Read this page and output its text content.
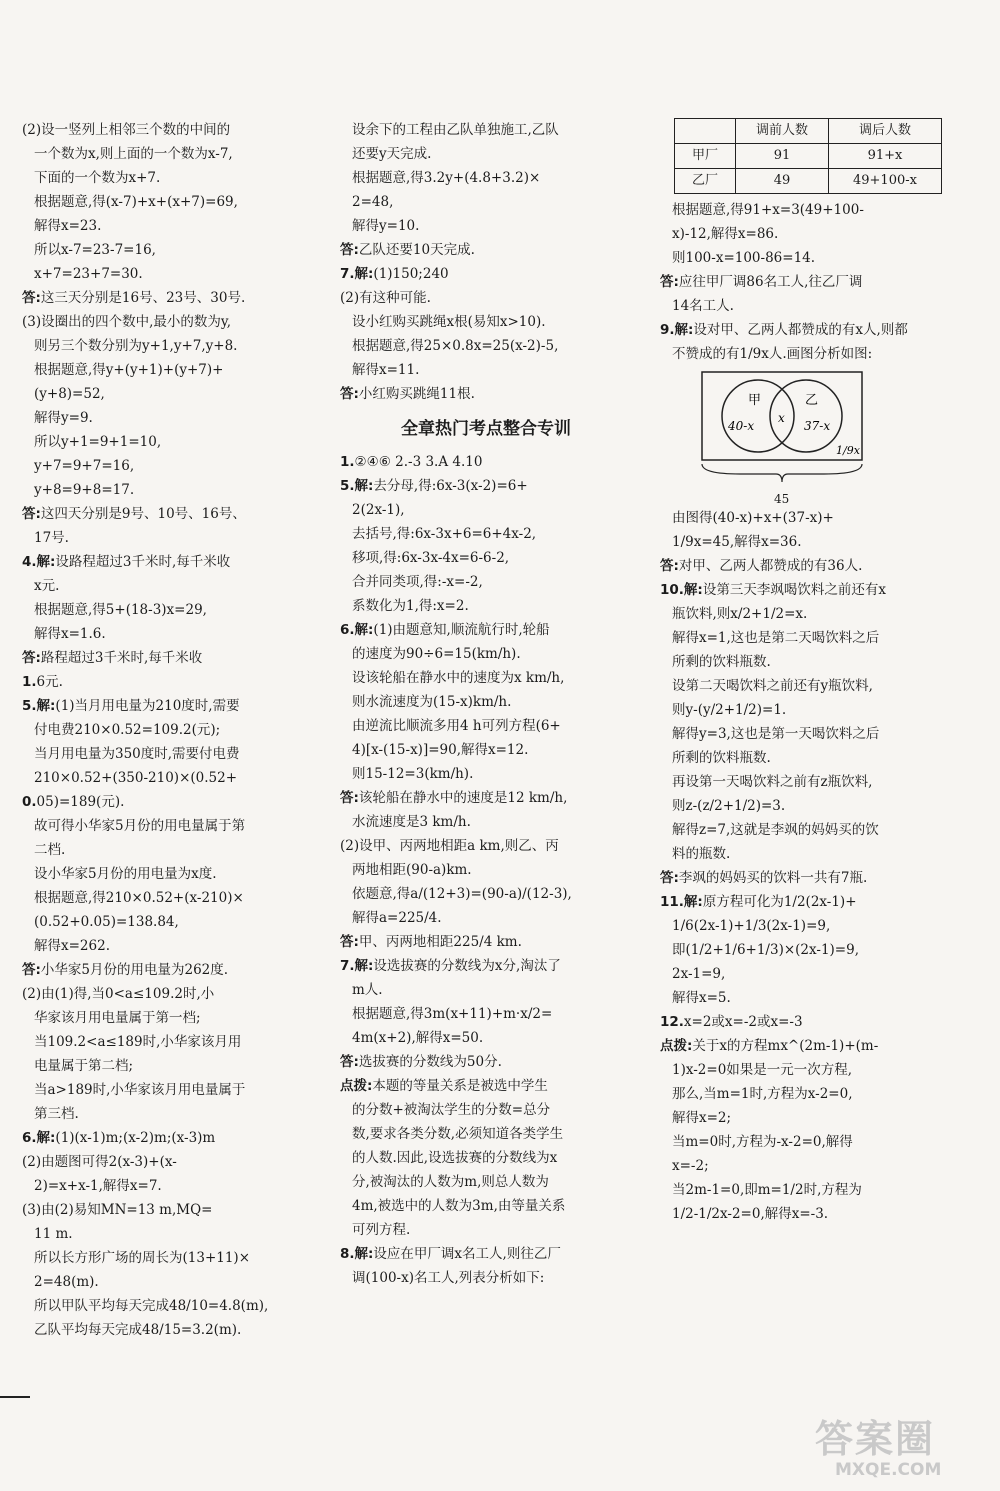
(2)设一竖列上相邻三个数的中间的
一个数为x,则上面的一个数为x-7,
下面的一个数为x+7.
根据题意,得(x-7)+x+(x+7)=69,
解得x=23.
所以x-7=23-7=16,
x+7=23+7=30.
答:这三天分别是16号、23号、30号.
(3)设圈出的四个数中,最小的数为y,
则另三个数分别为y+1,y+7,y+8.
根据题意,得y+(y+1)+(y+7)+
(y+8)=52,
解得y=9.
所以y+1=9+1=10,
y+7=9+7=16,
y+8=9+8=17.
答:这四天分别是9号、10号、16号、
17号.
4.解:设路程超过3千米时,每千米收
x元.
根据题意,得5+(18-3)x=29,
解得x=1.6.
答:路程超过3千米时,每千米收
1.6元.
5.解:(1)当月用电量为210度时,需要
付电费210×0.52=109.2(元);
当月用电量为350度时,需要付电费
210×0.52+(350-210)×(0.52+
0.05)=189(元).
故可得小华家5月份的用电量属于第
二档.
设小华家5月份的用电量为x度.
根据题意,得210×0.52+(x-210)×
(0.52+0.05)=138.84,
解得x=262.
答:小华家5月份的用电量为262度.
(2)由(1)得,当0<a≤109.2时,小
华家该月用电量属于第一档;
当109.2<a≤189时,小华家该月用
电量属于第二档;
当a>189时,小华家该月用电量属于
第三档.
6.解:(1)(x-1)m;(x-2)m;(x-3)m
(2)由题图可得2(x-3)+(x-
2)=x+x-1,解得x=7.
(3)由(2)易知MN=13 m,MQ=
11 m.
所以长方形广场的周长为(13+11)×
2=48(m).
所以甲队平均每天完成48/10=4.8(m),
乙队平均每天完成48/15=3.2(m).
设余下的工程由乙队单独施工,乙队
还要y天完成.
根据题意,得3.2y+(4.8+3.2)×
2=48,
解得y=10.
答:乙队还要10天完成.
7.解:(1)150;240
(2)有这种可能.
设小红购买跳绳x根(易知x>10).
根据题意,得25×0.8x=25(x-2)-5,
解得x=11.
答:小红购买跳绳11根.
全章热门考点整合专训
1.②④⑥ 2.-3 3.A 4.10
5.解:去分母,得:6x-3(x-2)=6+
2(2x-1),
去括号,得:6x-3x+6=6+4x-2,
移项,得:6x-3x-4x=6-6-2,
合并同类项,得:-x=-2,
系数化为1,得:x=2.
6.解:(1)由题意知,顺流航行时,轮船
的速度为90÷6=15(km/h).
设该轮船在静水中的速度为x km/h,
则水流速度为(15-x)km/h.
由逆流比顺流多用4 h可列方程(6+
4)[x-(15-x)]=90,解得x=12.
则15-12=3(km/h).
答:该轮船在静水中的速度是12 km/h,
水流速度是3 km/h.
(2)设甲、丙两地相距a km,则乙、丙
两地相距(90-a)km.
依题意,得a/(12+3)=(90-a)/(12-3),
解得a=225/4.
答:甲、丙两地相距225/4 km.
7.解:设选拔赛的分数线为x分,淘汰了
m人.
根据题意,得3m(x+11)+m·x/2=
4m(x+2),解得x=50.
答:选拔赛的分数线为50分.
点拨:本题的等量关系是被选中学生
的分数+被淘汰学生的分数=总分
数,要求各类分数,必须知道各类学生
的人数.因此,设选拔赛的分数线为x
分,被淘汰的人数为m,则总人数为
4m,被选中的人数为3m,由等量关系
可列方程.
8.解:设应在甲厂调x名工人,则往乙厂
调(100-x)名工人,列表分析如下:
	调前人数	调后人数
甲厂	91	91+x
乙厂	49	49+100-x
根据题意,得91+x=3(49+100-
x)-12,解得x=86.
则100-x=100-86=14.
答:应往甲厂调86名工人,往乙厂调
14名工人.
9.解:设对甲、乙两人都赞成的有x人,则都
不赞成的有1/9x人.画图分析如图:
甲	乙
40-x
x
37-x
1/9x
45
由图得(40-x)+x+(37-x)+
1/9x=45,解得x=36.
答:对甲、乙两人都赞成的有36人.
10.解:设第三天李飒喝饮料之前还有x
瓶饮料,则x/2+1/2=x.
解得x=1,这也是第二天喝饮料之后
所剩的饮料瓶数.
设第二天喝饮料之前还有y瓶饮料,
则y-(y/2+1/2)=1.
解得y=3,这也是第一天喝饮料之后
所剩的饮料瓶数.
再设第一天喝饮料之前有z瓶饮料,
则z-(z/2+1/2)=3.
解得z=7,这就是李飒的妈妈买的饮
料的瓶数.
答:李飒的妈妈买的饮料一共有7瓶.
11.解:原方程可化为1/2(2x-1)+
1/6(2x-1)+1/3(2x-1)=9,
即(1/2+1/6+1/3)×(2x-1)=9,
2x-1=9,
解得x=5.
12.x=2或x=-2或x=-3
点拨:关于x的方程mx^(2m-1)+(m-
1)x-2=0如果是一元一次方程,
那么,当m=1时,方程为x-2=0,
解得x=2;
当m=0时,方程为-x-2=0,解得
x=-2;
当2m-1=0,即m=1/2时,方程为
1/2-1/2x-2=0,解得x=-3.
答案圈
MXQE.COM
